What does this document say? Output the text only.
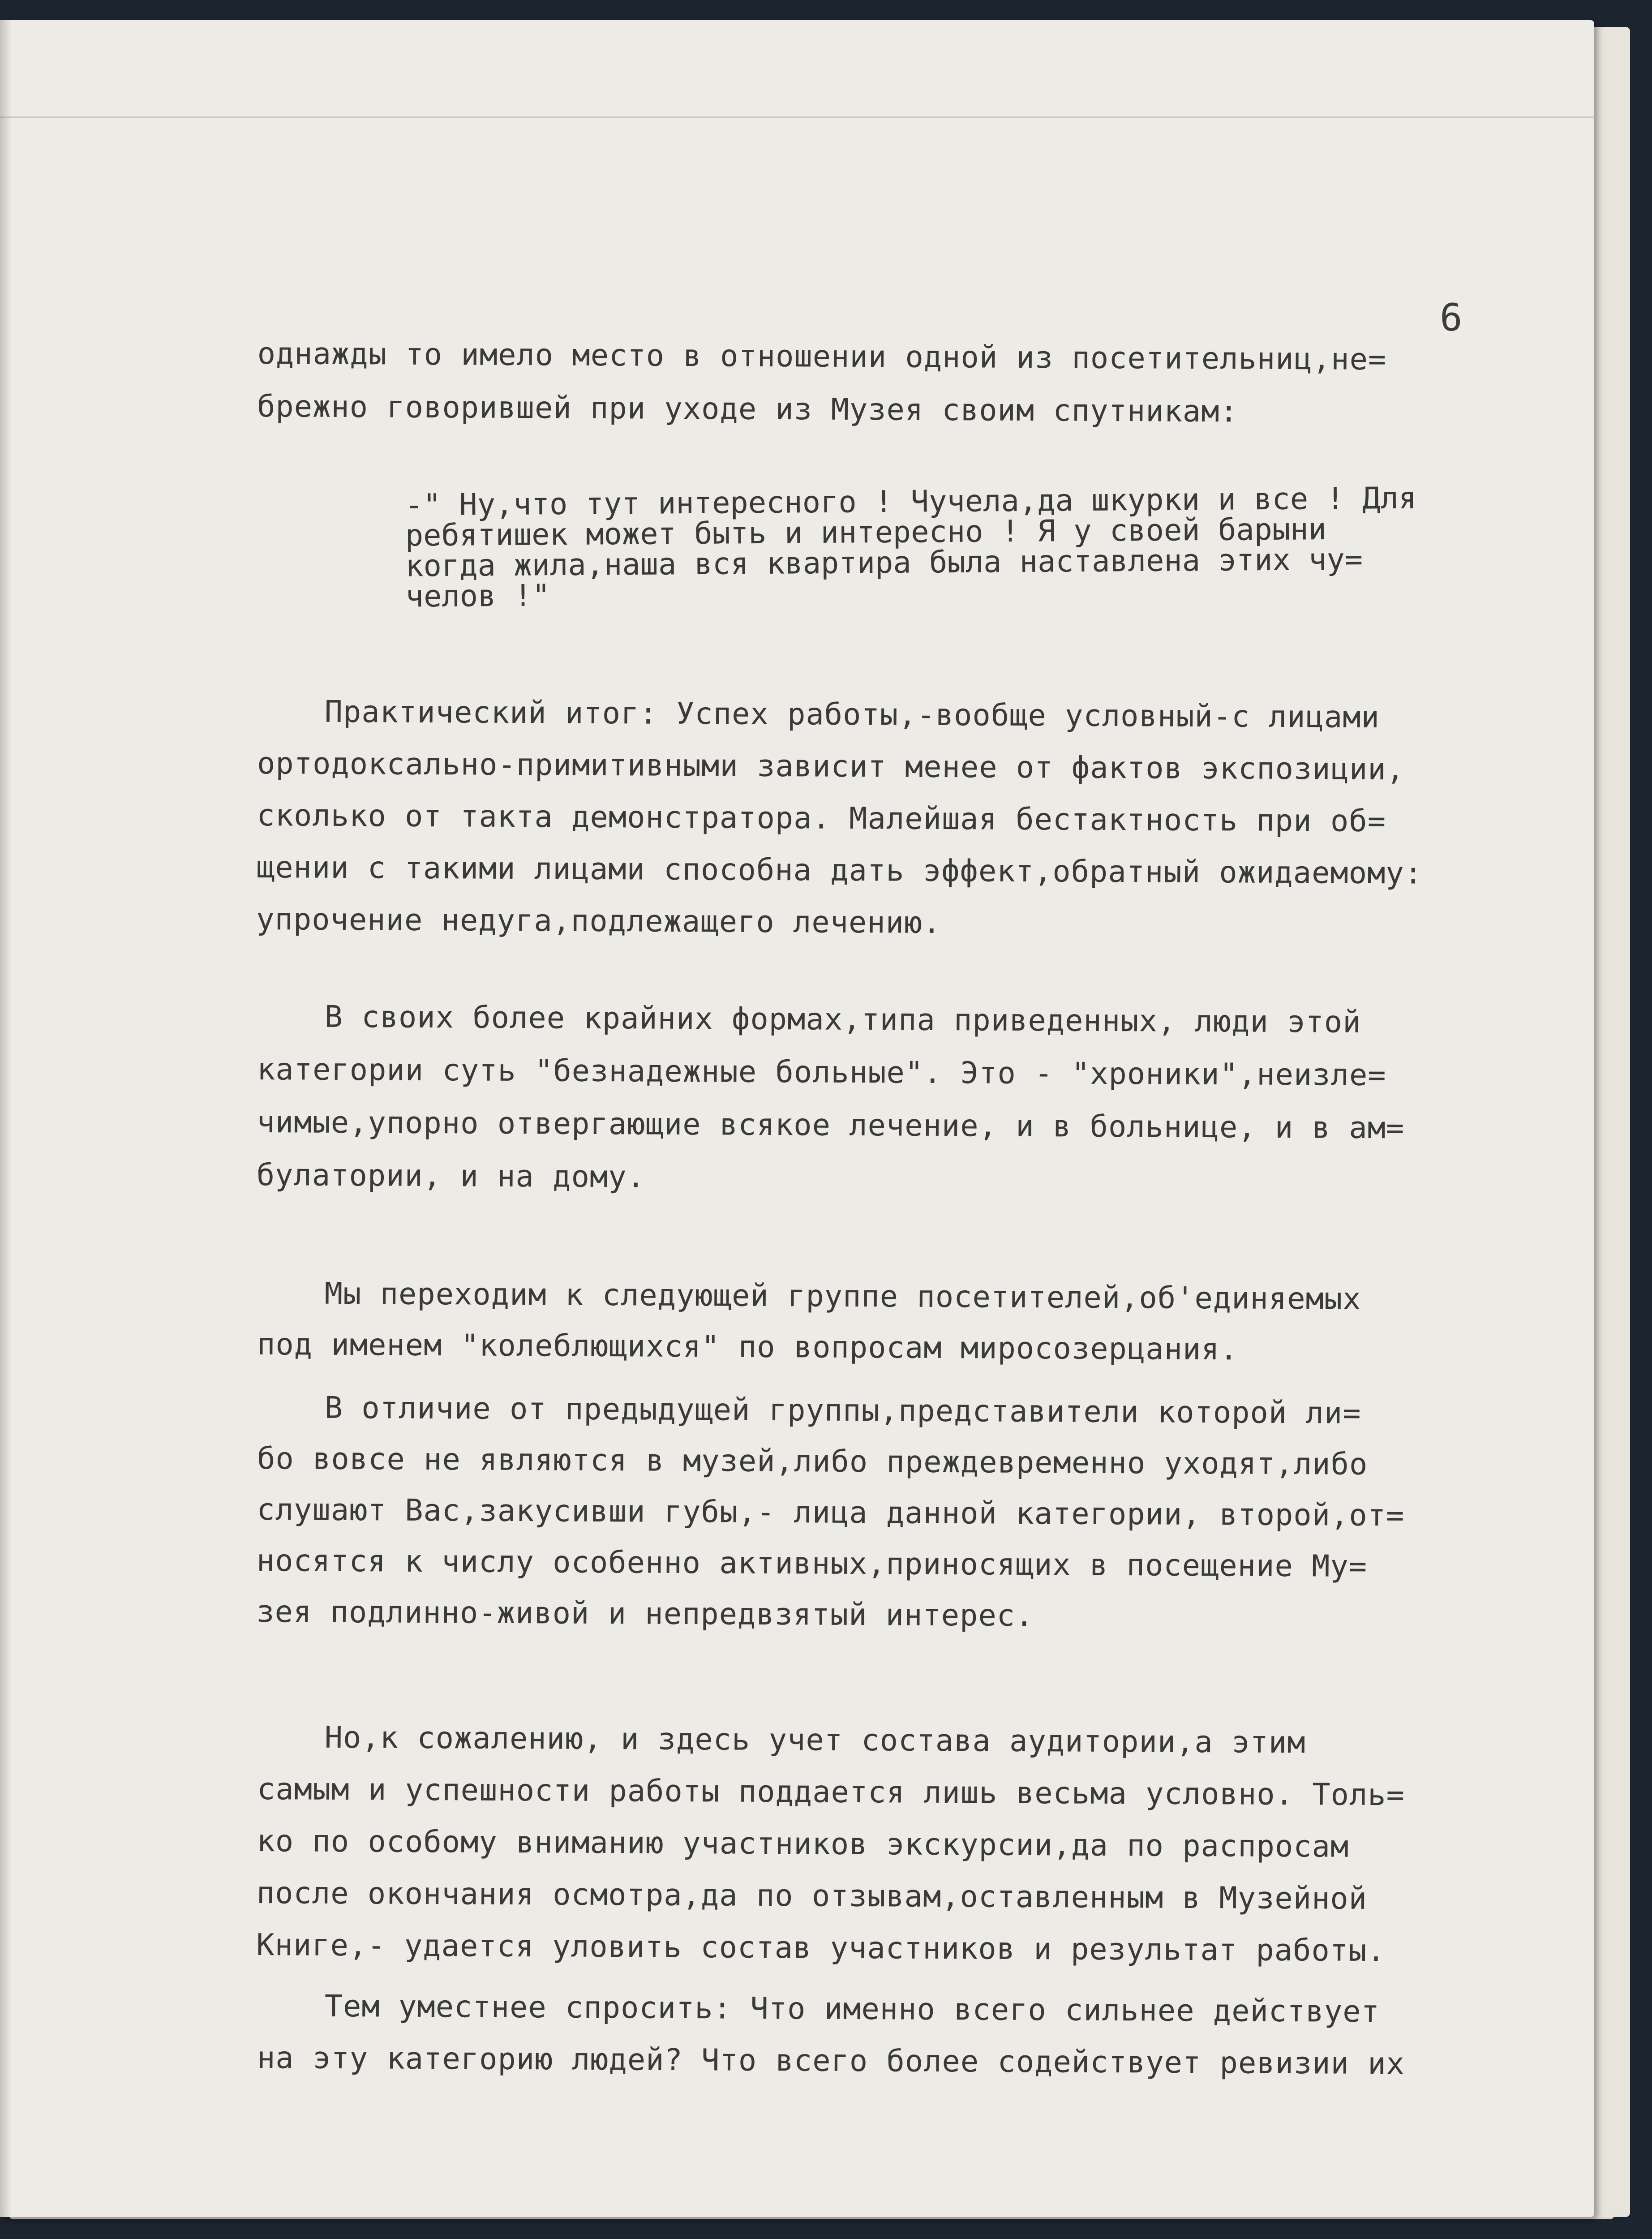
6
однажды то имело место в отношении одной из посетительниц,не=
брежно говорившей при уходе из Музея своим спутникам:
-" Ну,что тут интересного ! Чучела,да шкурки и все ! Для
ребятишек может быть и интересно ! Я у своей барыни
когда жила,наша вся квартира была наставлена этих чу=
челов !"
Практический итог: Успех работы,-вообще условный-с лицами
ортодоксально-примитивными зависит менее от фактов экспозиции,
сколько от такта демонстратора. Малейшая бестактность при об=
щении с такими лицами способна дать эффект,обратный ожидаемому:
упрочение недуга,подлежащего лечению.
В своих более крайних формах,типа приведенных, люди этой
категории суть "безнадежные больные". Это - "хроники",неизле=
чимые,упорно отвергающие всякое лечение, и в больнице, и в ам=
булатории, и на дому.
Мы переходим к следующей группе посетителей,об'единяемых
под именем "колеблющихся" по вопросам миросозерцания.
В отличие от предыдущей группы,представители которой ли=
бо вовсе не являются в музей,либо преждевременно уходят,либо
слушают Вас,закусивши губы,- лица данной категории, второй,от=
носятся к числу особенно активных,приносящих в посещение Му=
зея подлинно-живой и непредвзятый интерес.
Но,к сожалению, и здесь учет состава аудитории,а этим
самым и успешности работы поддается лишь весьма условно. Толь=
ко по особому вниманию участников экскурсии,да по распросам
после окончания осмотра,да по отзывам,оставленным в Музейной
Книге,- удается уловить состав участников и результат работы.
Тем уместнее спросить: Что именно всего сильнее действует
на эту категорию людей? Что всего более содействует ревизии их
